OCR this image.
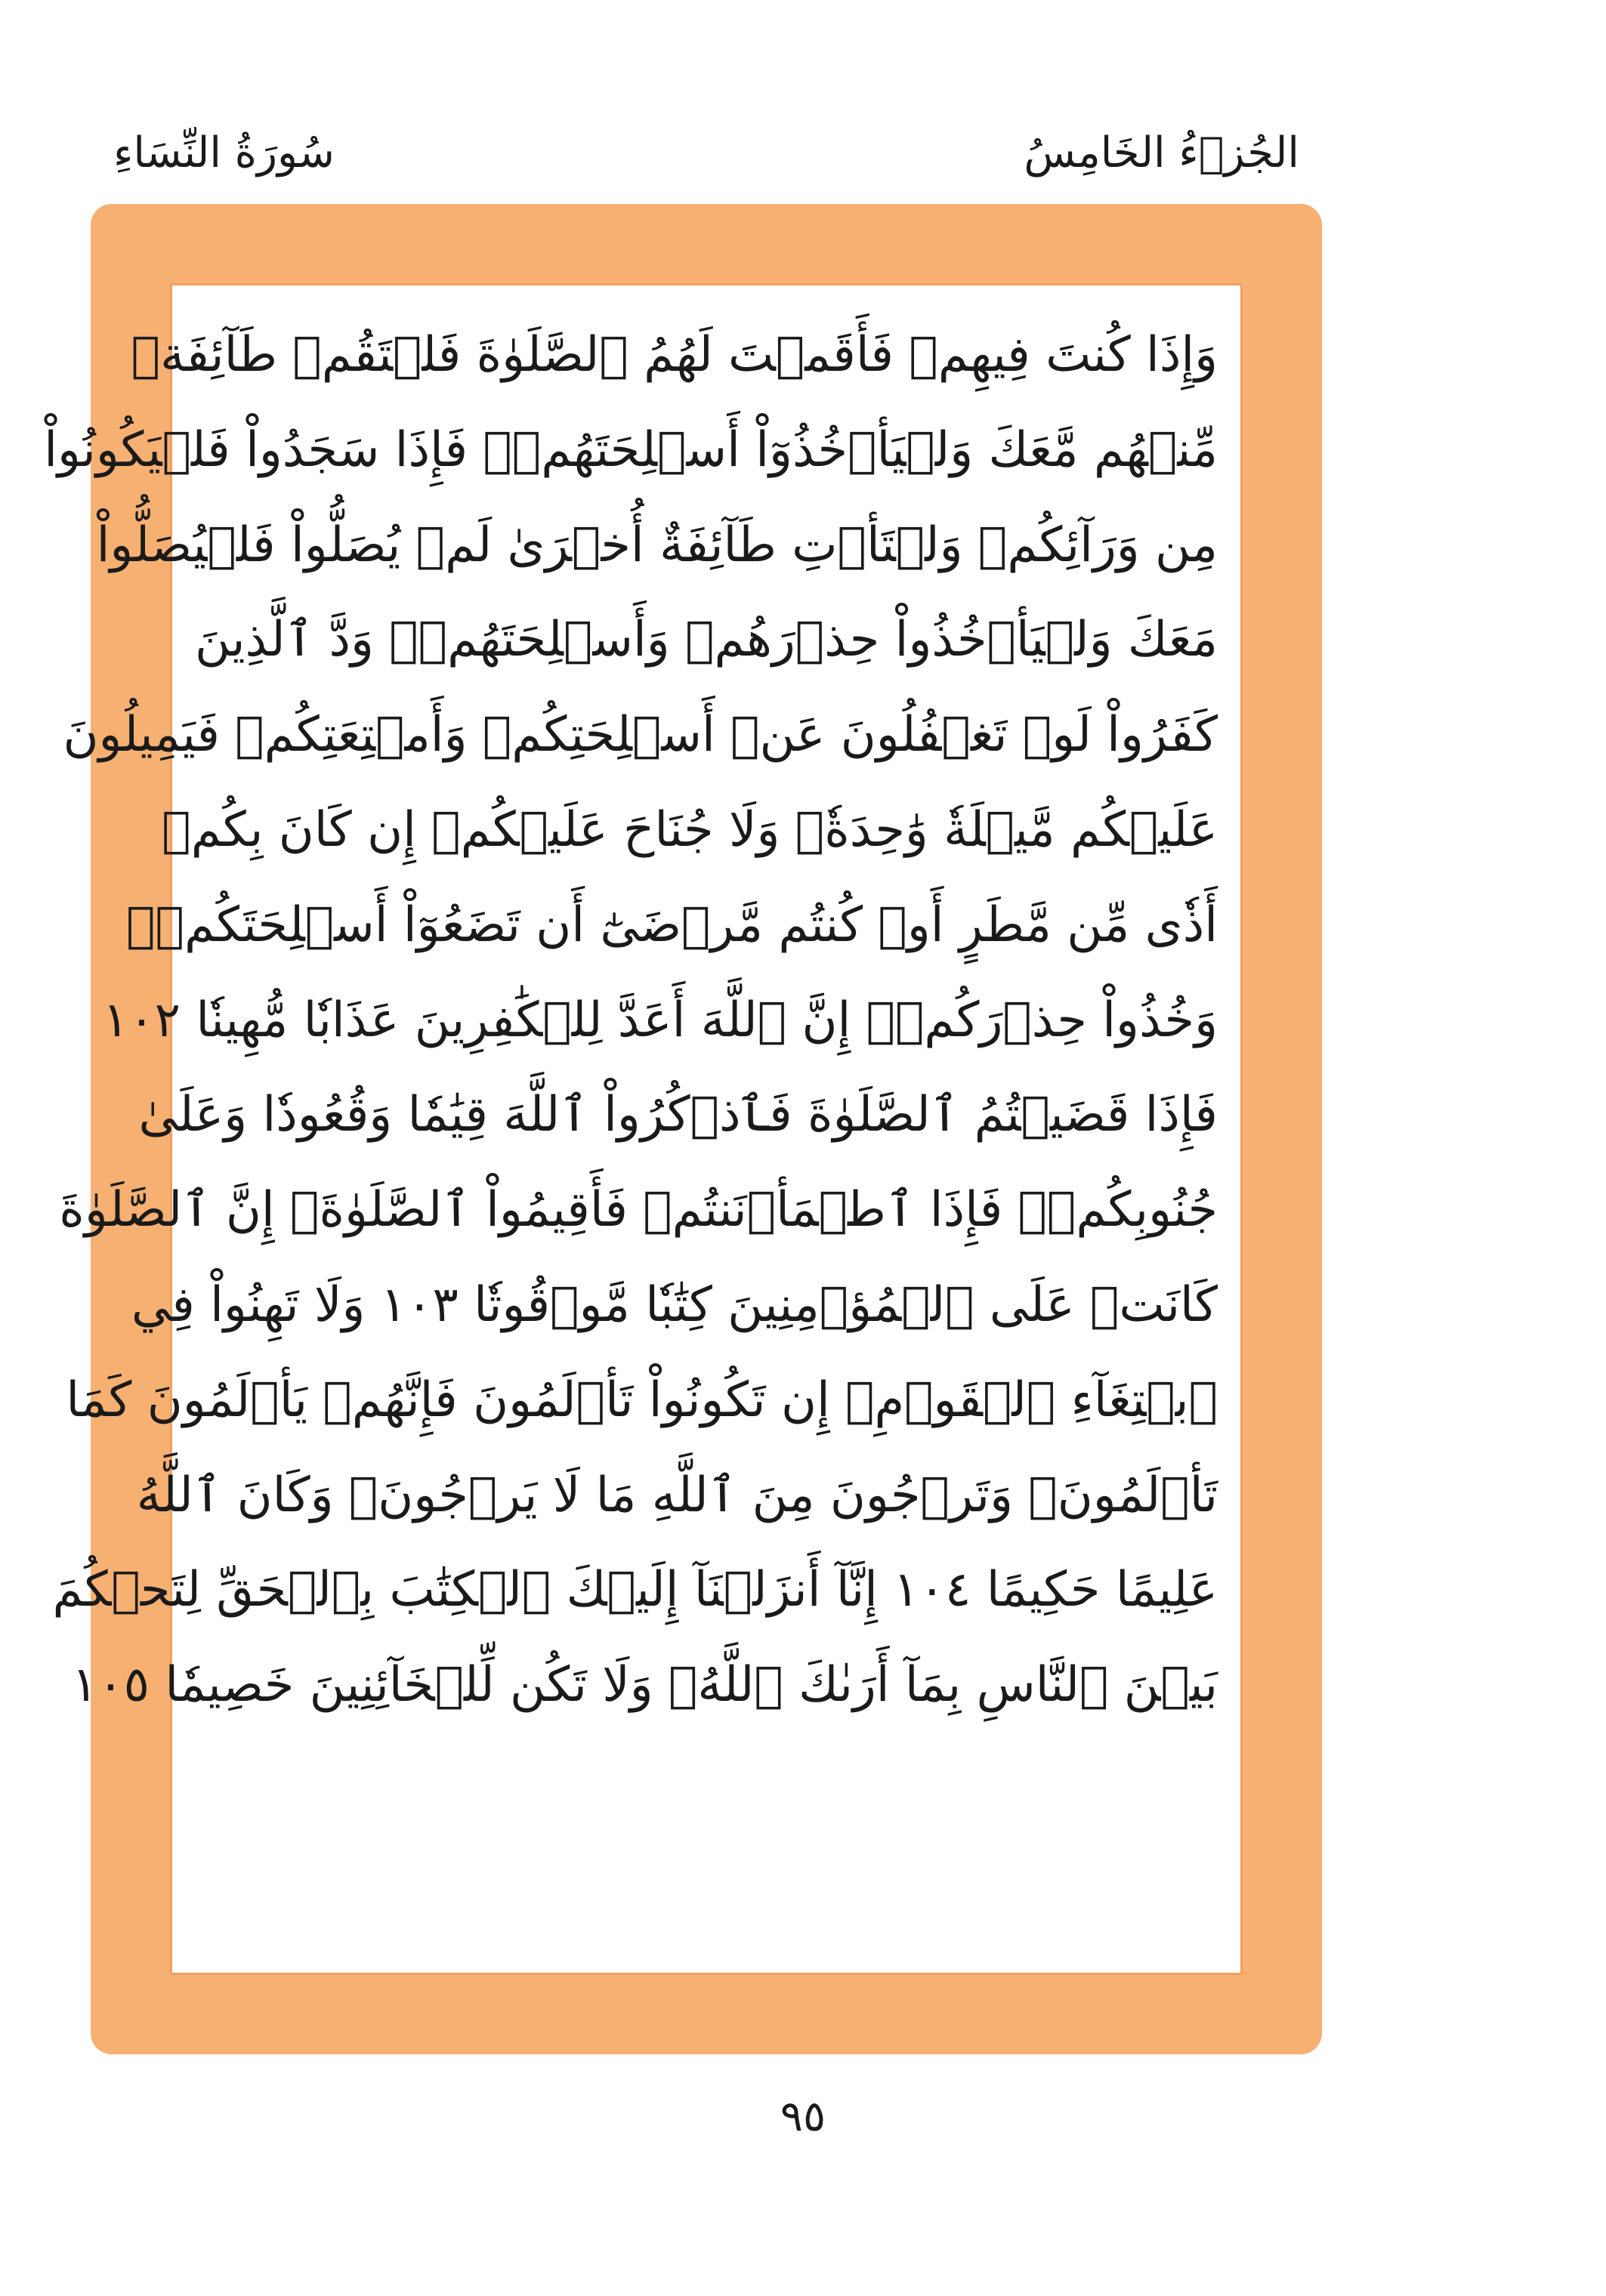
الجُزۡءُ الخَامِسُ
سُورَةُ النِّسَاءِ
وَإِذَا كُنتَ فِيهِمۡ فَأَقَمۡتَ لَهُمُ ٱلصَّلَوٰةَ فَلۡتَقُمۡ طَآئِفَةٞ
مِّنۡهُم مَّعَكَ وَلۡيَأۡخُذُوٓاْ أَسۡلِحَتَهُمۡۖ فَإِذَا سَجَدُواْ فَلۡيَكُونُواْ
مِن وَرَآئِكُمۡ وَلۡتَأۡتِ طَآئِفَةٌ أُخۡرَىٰ لَمۡ يُصَلُّواْ فَلۡيُصَلُّواْ
مَعَكَ وَلۡيَأۡخُذُواْ حِذۡرَهُمۡ وَأَسۡلِحَتَهُمۡۗ وَدَّ ٱلَّذِينَ
كَفَرُواْ لَوۡ تَغۡفُلُونَ عَنۡ أَسۡلِحَتِكُمۡ وَأَمۡتِعَتِكُمۡ فَيَمِيلُونَ
عَلَيۡكُم مَّيۡلَةٗ وَٰحِدَةٗۚ وَلَا جُنَاحَ عَلَيۡكُمۡ إِن كَانَ بِكُمۡ
أَذٗى مِّن مَّطَرٍ أَوۡ كُنتُم مَّرۡضَىٰٓ أَن تَضَعُوٓاْ أَسۡلِحَتَكُمۡۖ
وَخُذُواْ حِذۡرَكُمۡۗ إِنَّ ٱللَّهَ أَعَدَّ لِلۡكَٰفِرِينَ عَذَابٗا مُّهِينٗا ١٠٢
فَإِذَا قَضَيۡتُمُ ٱلصَّلَوٰةَ فَٱذۡكُرُواْ ٱللَّهَ قِيَٰمٗا وَقُعُودٗا وَعَلَىٰ
جُنُوبِكُمۡۚ فَإِذَا ٱطۡمَأۡنَنتُمۡ فَأَقِيمُواْ ٱلصَّلَوٰةَۚ إِنَّ ٱلصَّلَوٰةَ
كَانَتۡ عَلَى ٱلۡمُؤۡمِنِينَ كِتَٰبٗا مَّوۡقُوتٗا ١٠٣ وَلَا تَهِنُواْ فِي
ٱبۡتِغَآءِ ٱلۡقَوۡمِۖ إِن تَكُونُواْ تَأۡلَمُونَ فَإِنَّهُمۡ يَأۡلَمُونَ كَمَا
تَأۡلَمُونَۖ وَتَرۡجُونَ مِنَ ٱللَّهِ مَا لَا يَرۡجُونَۗ وَكَانَ ٱللَّهُ
عَلِيمًا حَكِيمًا ١٠٤ إِنَّآ أَنزَلۡنَآ إِلَيۡكَ ٱلۡكِتَٰبَ بِٱلۡحَقِّ لِتَحۡكُمَ
بَيۡنَ ٱلنَّاسِ بِمَآ أَرَىٰكَ ٱللَّهُۚ وَلَا تَكُن لِّلۡخَآئِنِينَ خَصِيمٗا ١٠٥
٩٥
